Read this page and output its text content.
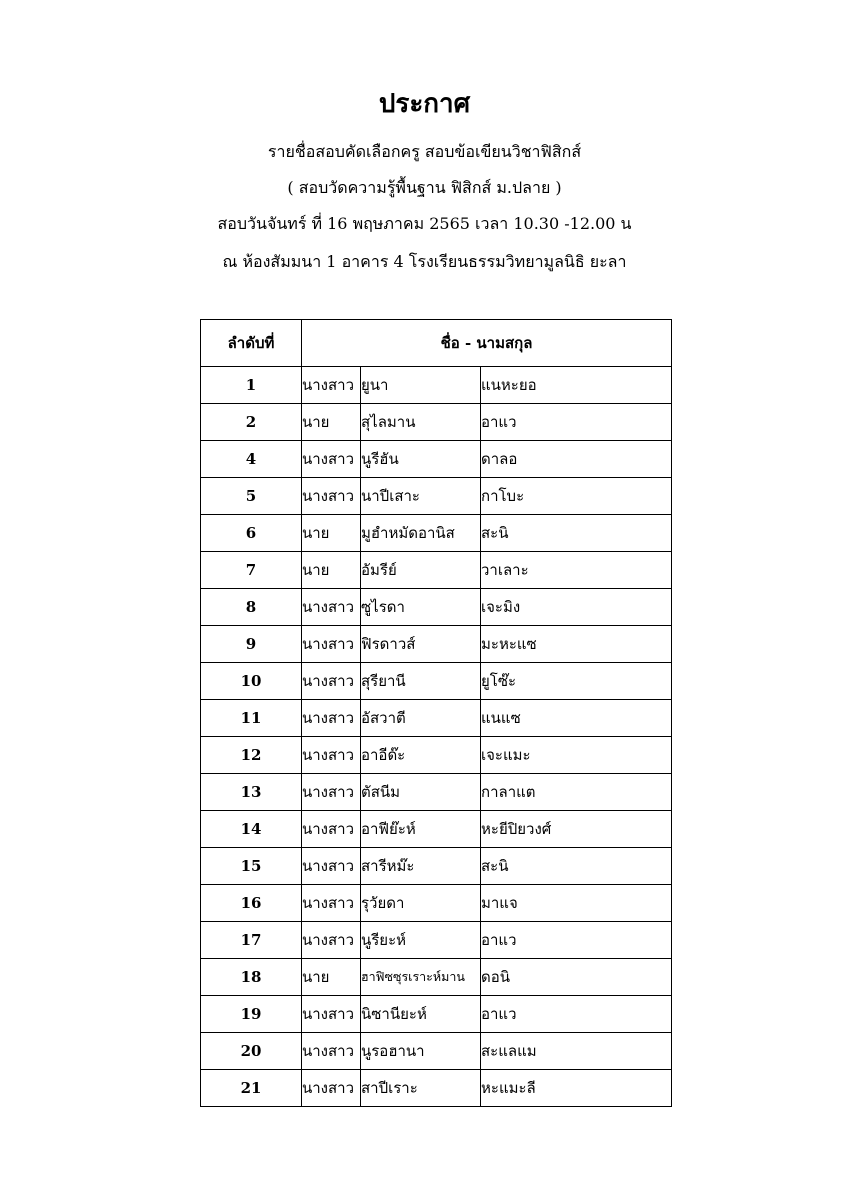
ประกาศ
รายชื่อสอบคัดเลือกครู สอบข้อเขียนวิชาฟิสิกส์
( สอบวัดความรู้พื้นฐาน ฟิสิกส์ ม.ปลาย )
สอบวันจันทร์ ที่ 16 พฤษภาคม 2565 เวลา 10.30 -12.00 น
ณ ห้องสัมมนา 1 อาคาร 4 โรงเรียนธรรมวิทยามูลนิธิ ยะลา
ลำดับที่	ชื่อ - นามสกุล		
1	นางสาว	ยูนา	แนหะยอ
2	นาย	สุไลมาน	อาแว
4	นางสาว	นูรีฮัน	ดาลอ
5	นางสาว	นาปีเสาะ	กาโบะ
6	นาย	มูฮำหมัดอานิส	สะนิ
7	นาย	อัมรีย์	วาเลาะ
8	นางสาว	ซูไรดา	เจะมิง
9	นางสาว	ฟิรดาวส์	มะหะแซ
10	นางสาว	สุรียานี	ยูโซ๊ะ
11	นางสาว	อัสวาตี	แนแซ
12	นางสาว	อาอีด๊ะ	เจะแมะ
13	นางสาว	ตัสนีม	กาลาแต
14	นางสาว	อาฟีย๊ะห์	หะยีปิยวงศ์
15	นางสาว	สารีหม๊ะ	สะนิ
16	นางสาว	รุวัยดา	มาแจ
17	นางสาว	นูรียะห์	อาแว
18	นาย	ฮาฟิซซุรเราะห์มาน	ดอนิ
19	นางสาว	นิซานียะห์	อาแว
20	นางสาว	นูรอฮานา	สะแลแม
21	นางสาว	สาปีเราะ	หะแมะลี
